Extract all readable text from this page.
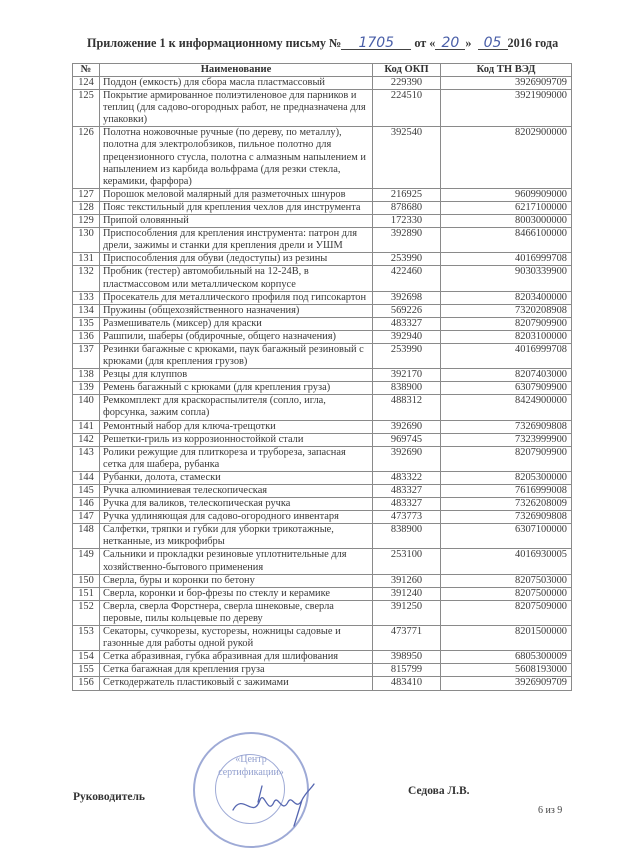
Приложение 1 к информационному письму № 1705 от « 20 » 05 2016 года
№	Наименование	Код ОКП	Код ТН ВЭД
124	Поддон (емкость) для сбора масла пластмассовый	229390	3926909709
125	Покрытие армированное полиэтиленовое для парников и теплиц (для садово-огородных работ, не предназначена для упаковки)	224510	3921909000
126	Полотна ножовочные ручные (по дереву, по металлу), полотна для электролобзиков, пильное полотно для прецензионного стусла, полотна с алмазным напылением и напылением из карбида вольфрама (для резки стекла, керамики, фарфора)	392540	8202900000
127	Порошок меловой малярный для разметочных шнуров	216925	9609909000
128	Пояс текстильный для крепления чехлов для инструмента	878680	6217100000
129	Припой оловянный	172330	8003000000
130	Приспособления для крепления инструмента: патрон для дрели, зажимы и станки для крепления дрели и УШМ	392890	8466100000
131	Приспособления для обуви (ледоступы) из резины	253990	4016999708
132	Пробник (тестер) автомобильный на 12-24В, в пластмассовом или металлическом корпусе	422460	9030339900
133	Просекатель для металлического профиля под гипсокартон	392698	8203400000
134	Пружины (общехозяйственного назначения)	569226	7320208908
135	Размешиватель (миксер) для краски	483327	8207909900
136	Рашпили, шаберы (обдирочные, общего назначения)	392940	8203100000
137	Резинки багажные с крюками, паук багажный резиновый с крюками (для крепления грузов)	253990	4016999708
138	Резцы для клуппов	392170	8207403000
139	Ремень багажный с крюками (для крепления груза)	838900	6307909900
140	Ремкомплект для краскораспылителя (сопло, игла, форсунка, зажим сопла)	488312	8424900000
141	Ремонтный набор для ключа-трещотки	392690	7326909808
142	Решетки-гриль из коррозионностойкой стали	969745	7323999900
143	Ролики режущие для плиткореза и трубореза, запасная сетка для шабера, рубанка	392690	8207909900
144	Рубанки, долота, стамески	483322	8205300000
145	Ручка алюминиевая телескопическая	483327	7616999008
146	Ручка для валиков, телескопическая ручка	483327	7326208009
147	Ручка удлиняющая для садово-огородного инвентаря	473773	7326909808
148	Салфетки, тряпки и губки для уборки трикотажные, нетканные, из микрофибры	838900	6307100000
149	Сальники и прокладки резиновые уплотнительные для хозяйственно-бытового применения	253100	4016930005
150	Сверла, буры и коронки по бетону	391260	8207503000
151	Сверла, коронки и бор-фрезы по стеклу и керамике	391240	8207500000
152	Сверла, сверла Форстнера, сверла шнековые, сверла перовые, пилы кольцевые по дереву	391250	8207509000
153	Секаторы, сучкорезы, кусторезы, ножницы садовые и газонные для работы одной рукой	473771	8201500000
154	Сетка абразивная, губка абразивная для шлифования	398950	6805300009
155	Сетка багажная для крепления груза	815799	5608193000
156	Сеткодержатель пластиковый с зажимами	483410	3926909709
«Центр
сертификации»
Руководитель	Седова Л.В.
6 из 9
